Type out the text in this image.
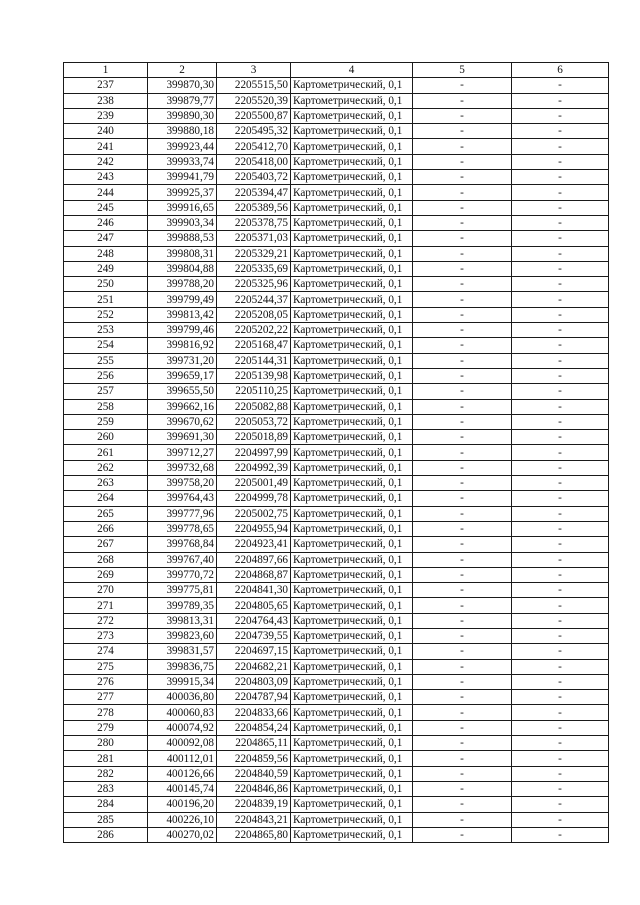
1	2	3	4	5	6
237	399870,30	2205515,50	Картометрический, 0,1	-	-
238	399879,77	2205520,39	Картометрический, 0,1	-	-
239	399890,30	2205500,87	Картометрический, 0,1	-	-
240	399880,18	2205495,32	Картометрический, 0,1	-	-
241	399923,44	2205412,70	Картометрический, 0,1	-	-
242	399933,74	2205418,00	Картометрический, 0,1	-	-
243	399941,79	2205403,72	Картометрический, 0,1	-	-
244	399925,37	2205394,47	Картометрический, 0,1	-	-
245	399916,65	2205389,56	Картометрический, 0,1	-	-
246	399903,34	2205378,75	Картометрический, 0,1	-	-
247	399888,53	2205371,03	Картометрический, 0,1	-	-
248	399808,31	2205329,21	Картометрический, 0,1	-	-
249	399804,88	2205335,69	Картометрический, 0,1	-	-
250	399788,20	2205325,96	Картометрический, 0,1	-	-
251	399799,49	2205244,37	Картометрический, 0,1	-	-
252	399813,42	2205208,05	Картометрический, 0,1	-	-
253	399799,46	2205202,22	Картометрический, 0,1	-	-
254	399816,92	2205168,47	Картометрический, 0,1	-	-
255	399731,20	2205144,31	Картометрический, 0,1	-	-
256	399659,17	2205139,98	Картометрический, 0,1	-	-
257	399655,50	2205110,25	Картометрический, 0,1	-	-
258	399662,16	2205082,88	Картометрический, 0,1	-	-
259	399670,62	2205053,72	Картометрический, 0,1	-	-
260	399691,30	2205018,89	Картометрический, 0,1	-	-
261	399712,27	2204997,99	Картометрический, 0,1	-	-
262	399732,68	2204992,39	Картометрический, 0,1	-	-
263	399758,20	2205001,49	Картометрический, 0,1	-	-
264	399764,43	2204999,78	Картометрический, 0,1	-	-
265	399777,96	2205002,75	Картометрический, 0,1	-	-
266	399778,65	2204955,94	Картометрический, 0,1	-	-
267	399768,84	2204923,41	Картометрический, 0,1	-	-
268	399767,40	2204897,66	Картометрический, 0,1	-	-
269	399770,72	2204868,87	Картометрический, 0,1	-	-
270	399775,81	2204841,30	Картометрический, 0,1	-	-
271	399789,35	2204805,65	Картометрический, 0,1	-	-
272	399813,31	2204764,43	Картометрический, 0,1	-	-
273	399823,60	2204739,55	Картометрический, 0,1	-	-
274	399831,57	2204697,15	Картометрический, 0,1	-	-
275	399836,75	2204682,21	Картометрический, 0,1	-	-
276	399915,34	2204803,09	Картометрический, 0,1	-	-
277	400036,80	2204787,94	Картометрический, 0,1	-	-
278	400060,83	2204833,66	Картометрический, 0,1	-	-
279	400074,92	2204854,24	Картометрический, 0,1	-	-
280	400092,08	2204865,11	Картометрический, 0,1	-	-
281	400112,01	2204859,56	Картометрический, 0,1	-	-
282	400126,66	2204840,59	Картометрический, 0,1	-	-
283	400145,74	2204846,86	Картометрический, 0,1	-	-
284	400196,20	2204839,19	Картометрический, 0,1	-	-
285	400226,10	2204843,21	Картометрический, 0,1	-	-
286	400270,02	2204865,80	Картометрический, 0,1	-	-
